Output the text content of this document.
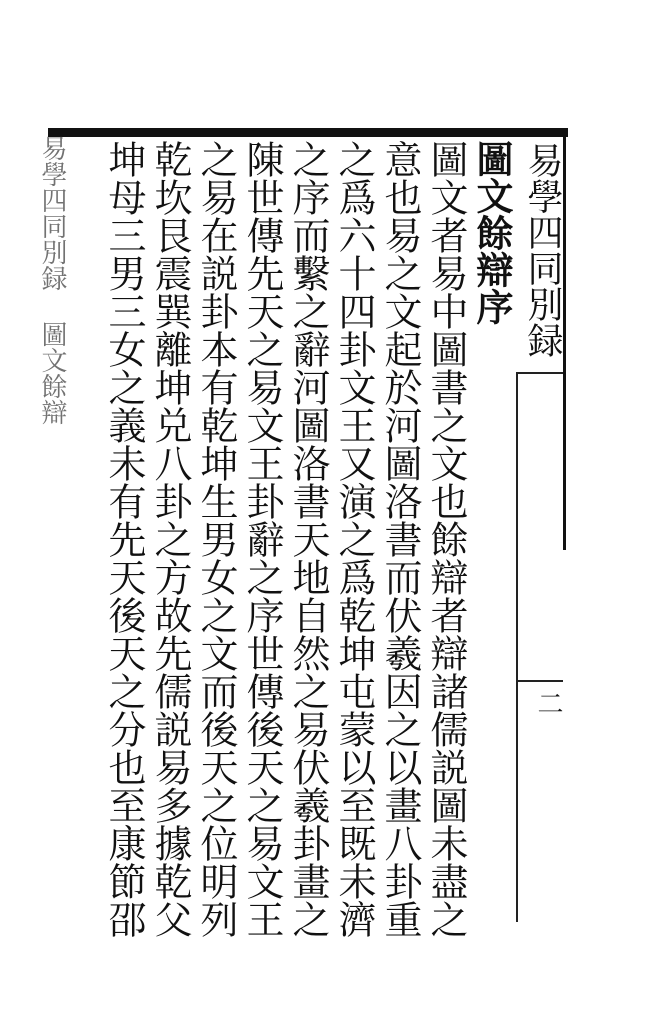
易學四同別録
二
圖文餘辯序
圖文者易中圖書之文也餘辯者辯諸儒説圖未盡之
意也易之文起於河圖洛書而伏羲因之以畫八卦重
之爲六十四卦文王又演之爲乾坤屯蒙以至既未濟
之序而繫之辭河圖洛書天地自然之易伏羲卦畫之
陳世傳先天之易文王卦辭之序世傳後天之易文王
之易在説卦本有乾坤生男女之文而後天之位明列
乾坎艮震巽離坤兑八卦之方故先儒説易多據乾父
坤母三男三女之義未有先天後天之分也至康節邵
易學四同別録 圖文餘辯
